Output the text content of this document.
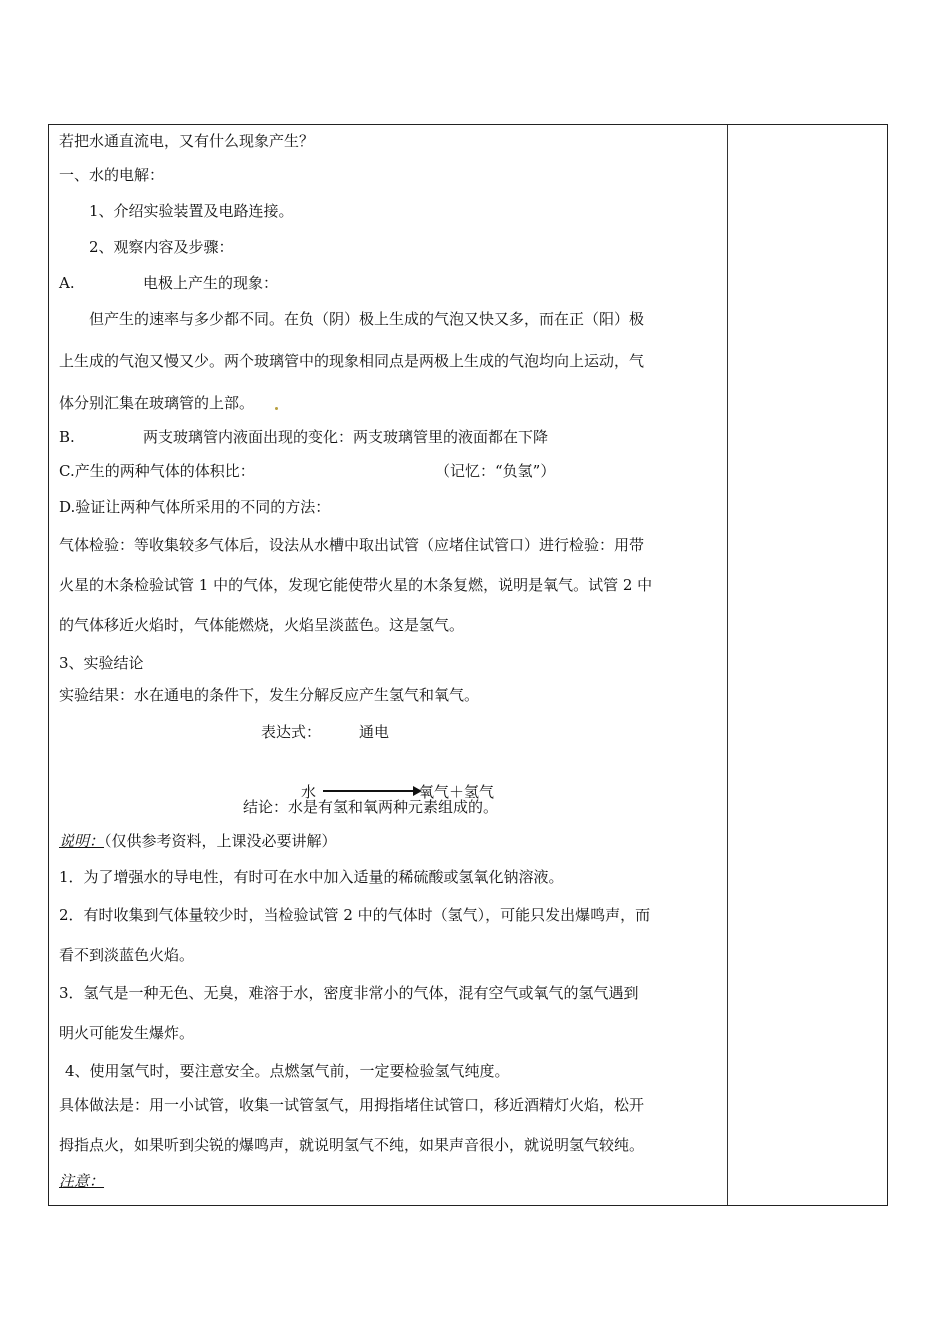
若把水通直流电，又有什么现象产生？
一、水的电解：
1、介绍实验装置及电路连接。
2、观察内容及步骤：
A.	电极上产生的现象：
但产生的速率与多少都不同。在负（阴）极上生成的气泡又快又多，而在正（阳）极
上生成的气泡又慢又少。两个玻璃管中的现象相同点是两极上生成的气泡均向上运动，气
体分别汇集在玻璃管的上部。
B.	两支玻璃管内液面出现的变化：两支玻璃管里的液面都在下降
C.产生的两种气体的体积比：	（记忆：“负氢”）
D.验证让两种气体所采用的不同的方法：
气体检验：等收集较多气体后，设法从水槽中取出试管（应堵住试管口）进行检验：用带
火星的木条检验试管 1 中的气体，发现它能使带火星的木条复燃，说明是氧气。试管 2 中
的气体移近火焰时，气体能燃烧，火焰呈淡蓝色。这是氢气。
3、实验结论
实验结果：水在通电的条件下，发生分解反应产生氢气和氧气。
表达式：	通电
水	氧气＋氢气
结论：水是有氢和氧两种元素组成的。
说明：（仅供参考资料，上课没必要讲解）
1．为了增强水的导电性，有时可在水中加入适量的稀硫酸或氢氧化钠溶液。
2．有时收集到气体量较少时，当检验试管 2 中的气体时（氢气），可能只发出爆鸣声，而
看不到淡蓝色火焰。
3．氢气是一种无色、无臭，难溶于水，密度非常小的气体，混有空气或氧气的氢气遇到
明火可能发生爆炸。
4、使用氢气时，要注意安全。点燃氢气前，一定要检验氢气纯度。
具体做法是：用一小试管，收集一试管氢气，用拇指堵住试管口，移近酒精灯火焰，松开
拇指点火，如果听到尖锐的爆鸣声，就说明氢气不纯，如果声音很小，就说明氢气较纯。
注意：
